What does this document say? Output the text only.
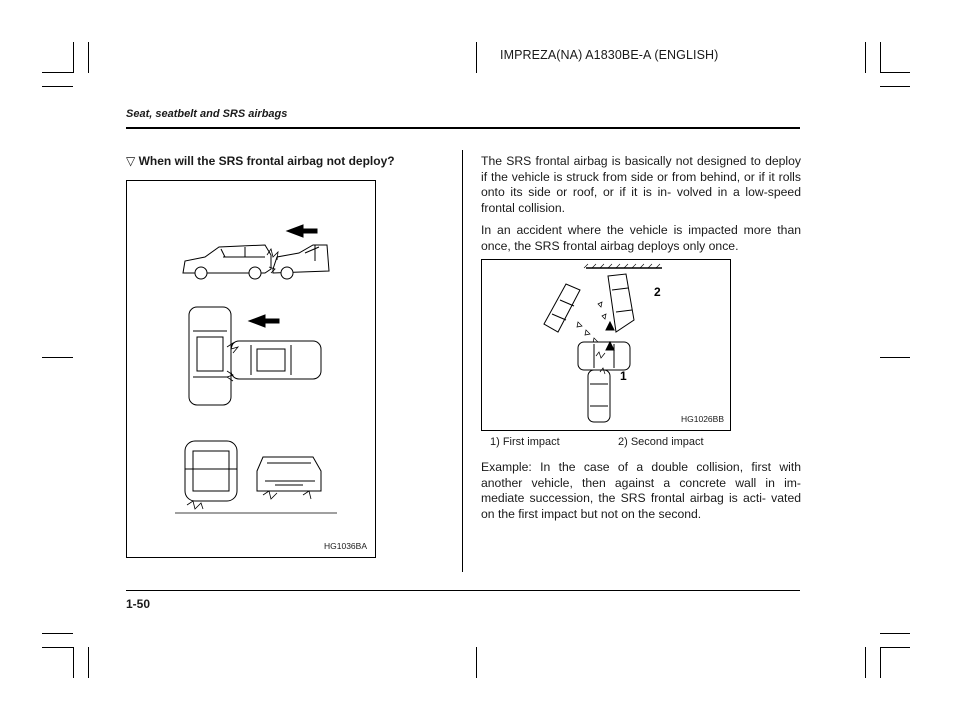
IMPREZA(NA) A1830BE-A (ENGLISH)
Seat, seatbelt and SRS airbags
▽ When will the SRS frontal airbag not deploy?
HG1036BA
The SRS frontal airbag is basically not designed to deploy if the vehicle is struck from side or from behind, or if it rolls onto its side or roof, or if it is in- volved in a low-speed frontal collision.
In an accident where the vehicle is impacted more than once, the SRS frontal airbag deploys only once.
2
1
HG1026BB
1) First impact	2) Second impact
Example: In the case of a double collision, first with another vehicle, then against a concrete wall in im- mediate succession, the SRS frontal airbag is acti- vated on the first impact but not on the second.
1-50
